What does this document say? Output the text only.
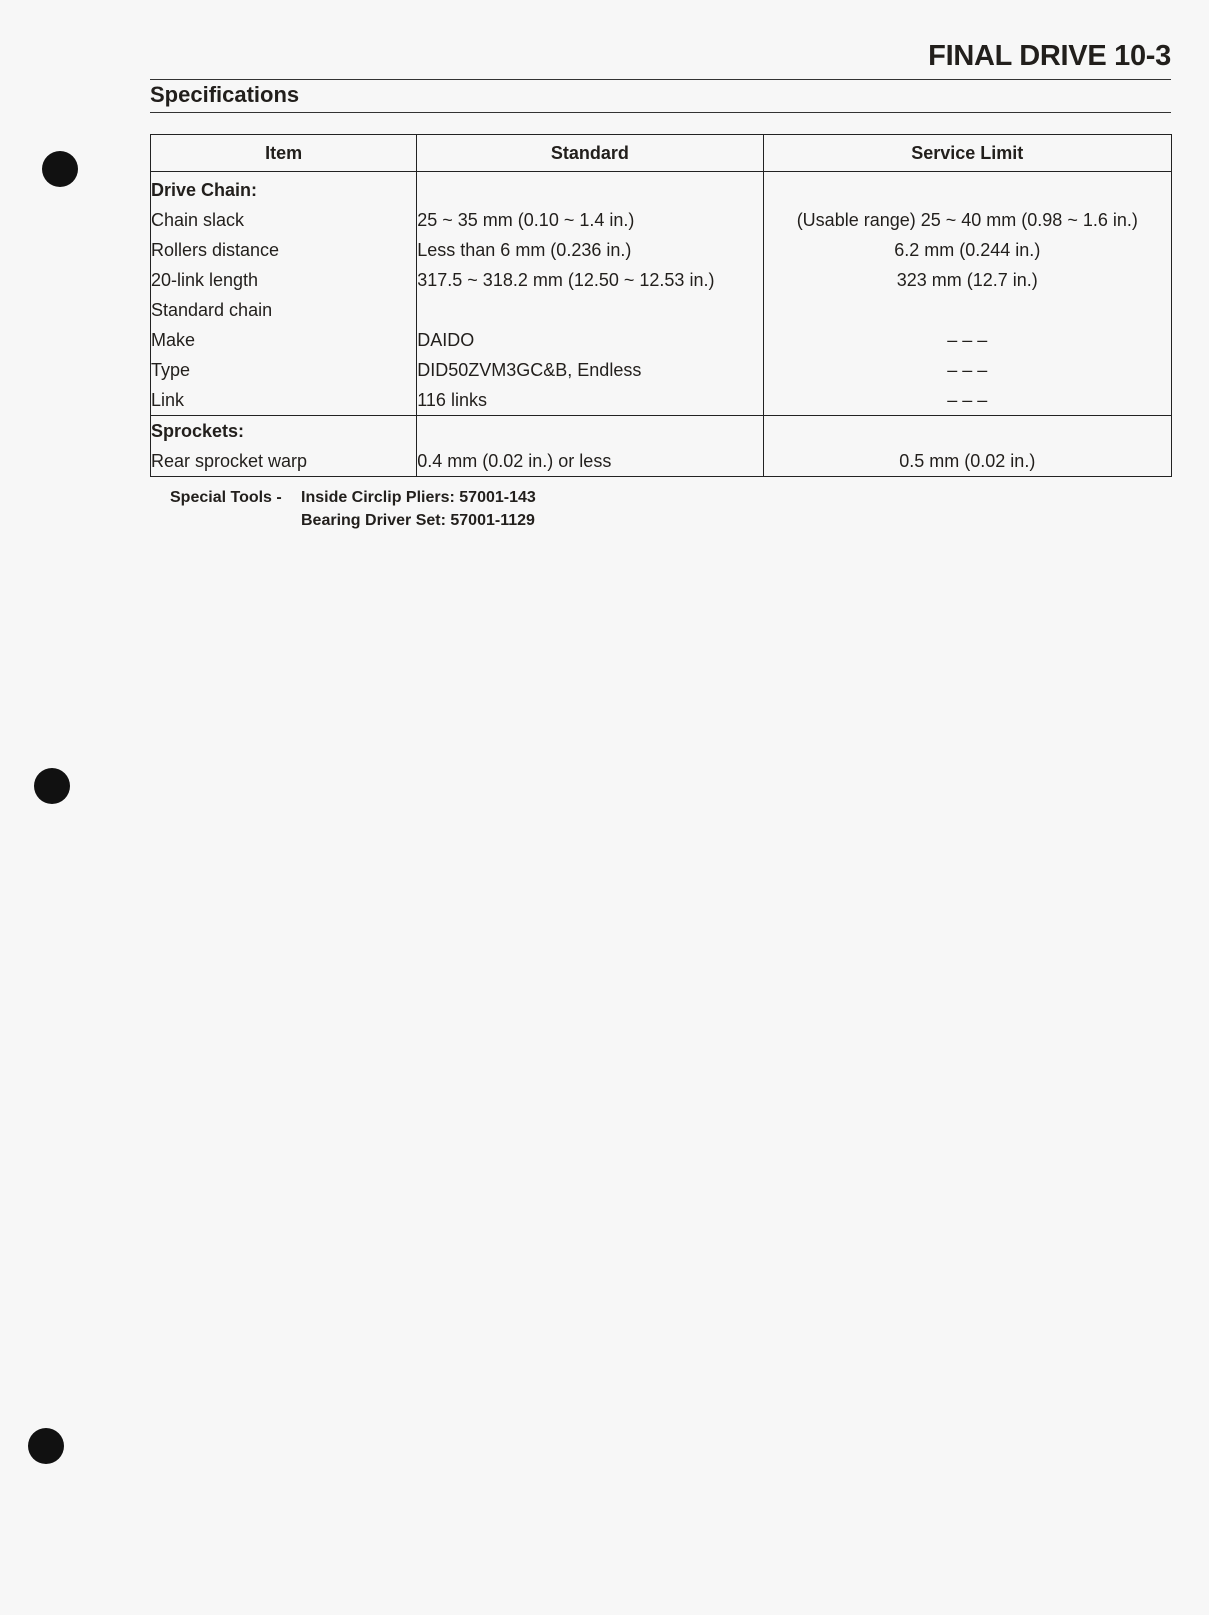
FINAL DRIVE 10-3
Specifications
Item	Standard	Service Limit
Drive Chain:		
Chain slack	25 ~ 35 mm (0.10 ~ 1.4 in.)	(Usable range) 25 ~ 40 mm (0.98 ~ 1.6 in.)
Rollers distance	Less than 6 mm (0.236 in.)	6.2 mm (0.244 in.)
20-link length	317.5 ~ 318.2 mm (12.50 ~ 12.53 in.)	323 mm (12.7 in.)
Standard chain		
Make	DAIDO	– – –
Type	DID50ZVM3GC&B, Endless	– – –
Link	116 links	– – –
Sprockets:		
Rear sprocket warp	0.4 mm (0.02 in.) or less	0.5 mm (0.02 in.)
Special Tools - Inside Circlip Pliers: 57001-143
Bearing Driver Set: 57001-1129
